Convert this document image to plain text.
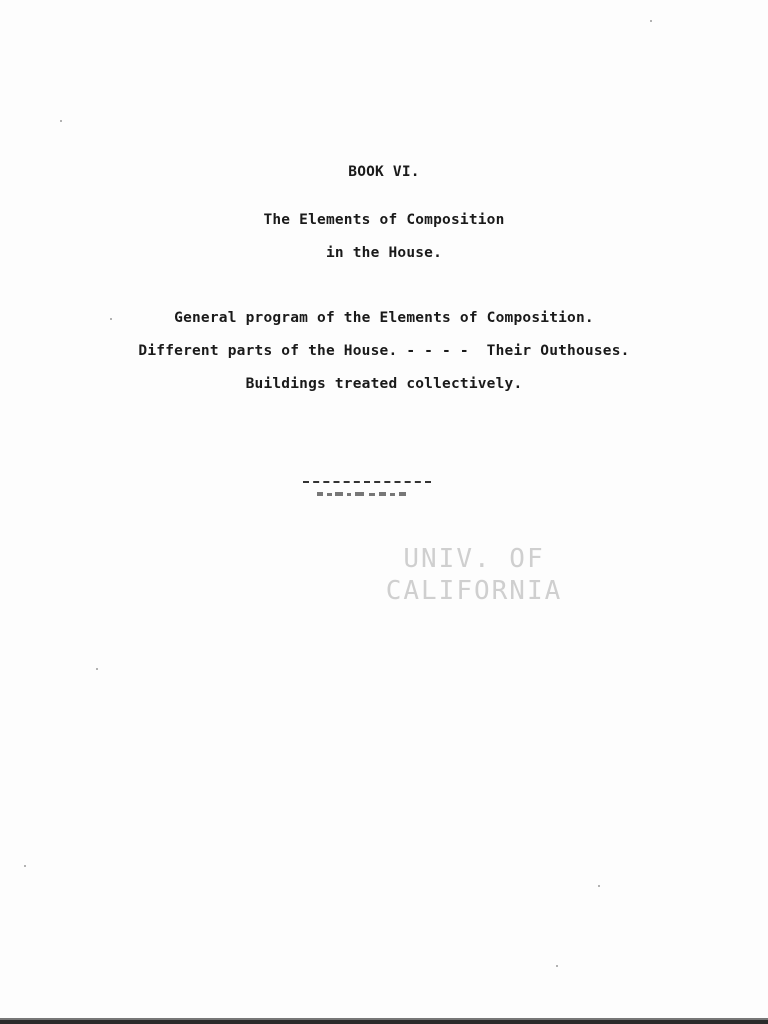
BOOK VI.
The Elements of Composition
in the House.
General program of the Elements of Composition.
Different parts of the House. - - - -  Their Outhouses.
Buildings treated collectively.
UNIV. OF
CALIFORNIA
